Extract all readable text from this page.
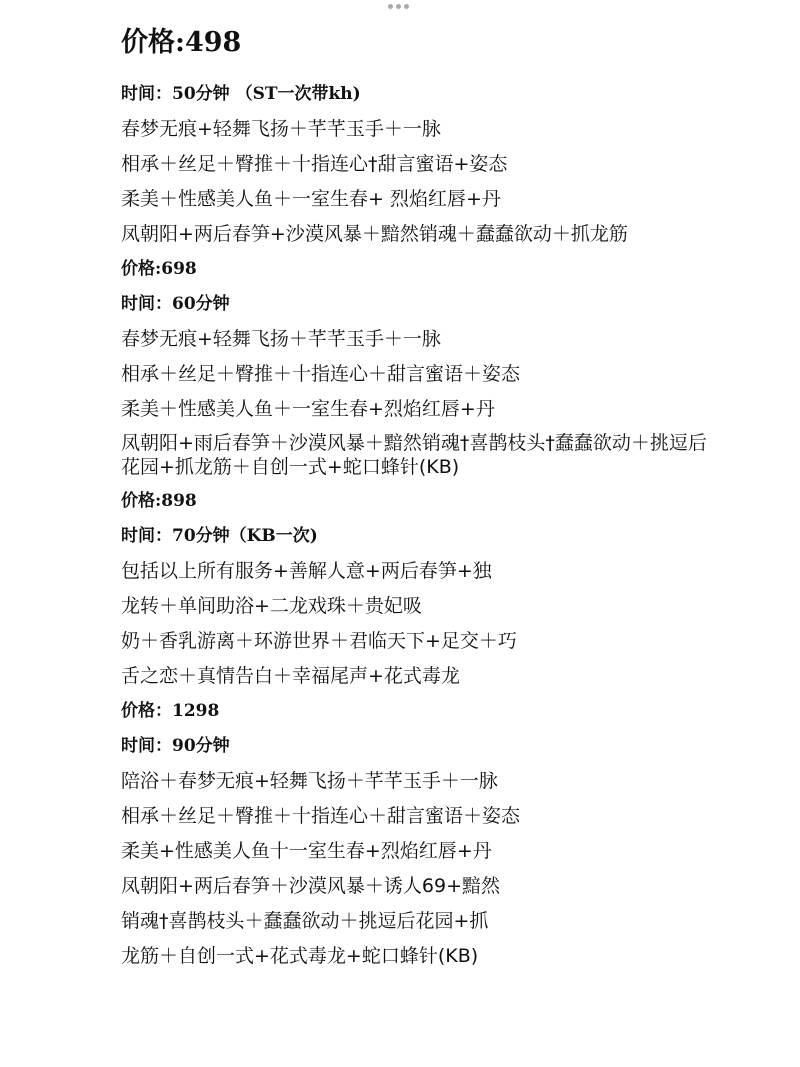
价格:498
时间：50分钟 （ST一次带kh)
春梦无痕+轻舞飞扬＋芊芊玉手＋一脉
相承＋丝足＋臀推＋十指连心†甜言蜜语+姿态
柔美＋性感美人鱼＋一室生春+ 烈焰红唇+丹
凤朝阳+两后春笋+沙漠风暴＋黯然销魂＋蠢蠢欲动＋抓龙筋
价格:698
时间：60分钟
春梦无痕+轻舞飞扬＋芊芊玉手＋一脉
相承＋丝足＋臀推＋十指连心＋甜言蜜语＋姿态
柔美＋性感美人鱼＋一室生春+烈焰红唇+丹
凤朝阳+雨后春笋＋沙漠风暴＋黯然销魂†喜鹊枝头†蠢蠢欲动＋挑逗后花园+抓龙筋＋自创一式+蛇口蜂针(KB)
价格:898
时间：70分钟（KB一次)
包括以上所有服务+善解人意+两后春笋+独
龙转＋单间助浴+二龙戏珠＋贵妃吸
奶＋香乳游离＋环游世界＋君临天下+足交＋巧
舌之恋＋真情告白＋幸福尾声+花式毒龙
价格：1298
时间：90分钟
陪浴＋春梦无痕+轻舞飞扬＋芊芊玉手＋一脉
相承＋丝足＋臀推＋十指连心＋甜言蜜语＋姿态
柔美+性感美人鱼十一室生春+烈焰红唇+丹
凤朝阳+两后春笋＋沙漠风暴＋诱人69+黯然
销魂†喜鹊枝头＋蠢蠢欲动＋挑逗后花园+抓
龙筋＋自创一式+花式毒龙+蛇口蜂针(KB)
